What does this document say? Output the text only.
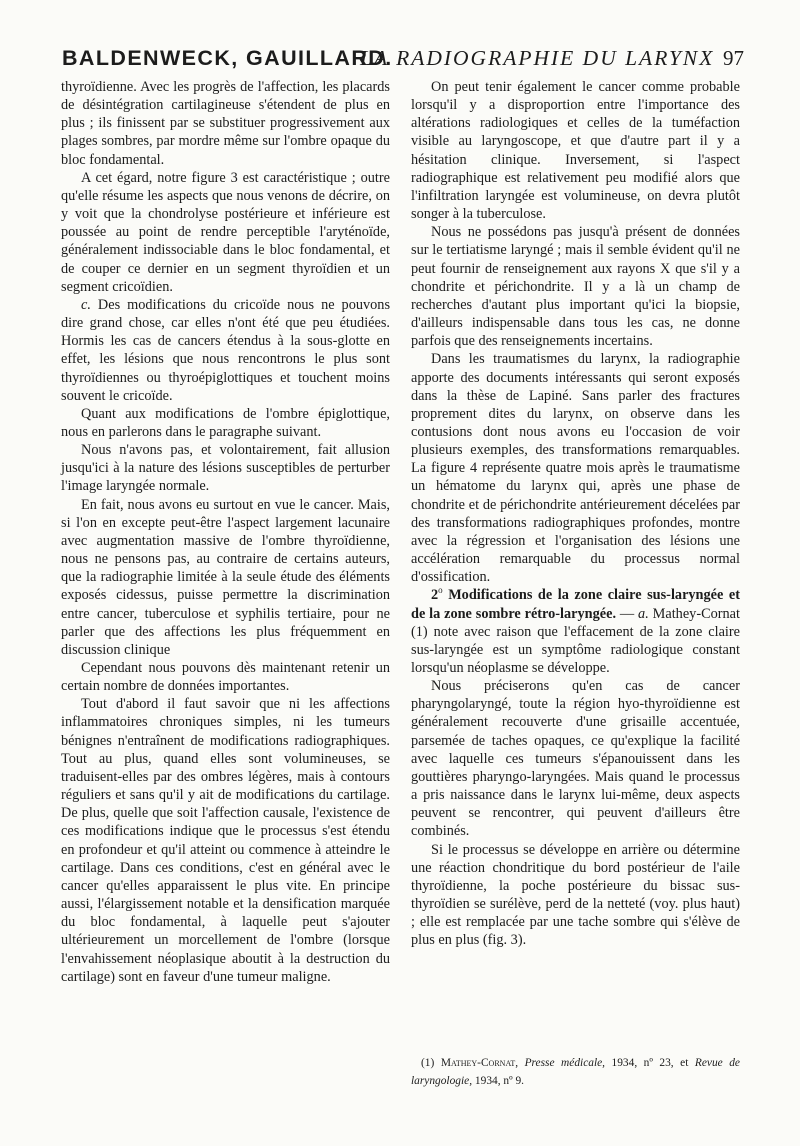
BALDENWECK, GAUILLARD.
LA RADIOGRAPHIE DU LARYNX 97

thyroïdienne. Avec les progrès de l'affection, les placards de désintégration cartilagineuse s'étendent de plus en plus ; ils finissent par se substituer progressivement aux plages sombres, par mordre même sur l'ombre opaque du bloc fondamental.

A cet égard, notre figure 3 est caractéristique ; outre qu'elle résume les aspects que nous venons de décrire, on y voit que la chondrolyse postérieure et inférieure est poussée au point de rendre perceptible l'aryténoïde, généralement indissociable dans le bloc fondamental, et de couper ce dernier en un segment thyroïdien et un segment cricoïdien.

c. Des modifications du cricoïde nous ne pouvons dire grand chose, car elles n'ont été que peu étudiées. Hormis les cas de cancers étendus à la sous-glotte en effet, les lésions que nous rencontrons le plus sont thyroïdiennes ou thyroépiglottiques et touchent moins souvent le cricoïde.

Quant aux modifications de l'ombre épiglottique, nous en parlerons dans le paragraphe suivant.

Nous n'avons pas, et volontairement, fait allusion jusqu'ici à la nature des lésions susceptibles de perturber l'image laryngée normale.

En fait, nous avons eu surtout en vue le cancer. Mais, si l'on en excepte peut-être l'aspect largement lacunaire avec augmentation massive de l'ombre thyroïdienne, nous ne pensons pas, au contraire de certains auteurs, que la radiographie limitée à la seule étude des éléments exposés cidessus, puisse permettre la discrimination entre cancer, tuberculose et syphilis tertiaire, pour ne parler que des affections les plus fréquemment en discussion clinique

Cependant nous pouvons dès maintenant retenir un certain nombre de données importantes.

Tout d'abord il faut savoir que ni les affections inflammatoires chroniques simples, ni les tumeurs bénignes n'entraînent de modifications radiographiques. Tout au plus, quand elles sont volumineuses, se traduisent-elles par des ombres légères, mais à contours réguliers et sans qu'il y ait de modifications du cartilage. De plus, quelle que soit l'affection causale, l'existence de ces modifications indique que le processus s'est étendu en profondeur et qu'il atteint ou commence à atteindre le cartilage. Dans ces conditions, c'est en général avec le cancer qu'elles apparaissent le plus vite. En principe aussi, l'élargissement notable et la densification marquée du bloc fondamental, à laquelle peut s'ajouter ultérieurement un morcellement de l'ombre (lorsque l'envahissement néoplasique aboutit à la destruction du cartilage) sont en faveur d'une tumeur maligne.

On peut tenir également le cancer comme probable lorsqu'il y a disproportion entre l'importance des altérations radiologiques et celles de la tuméfaction visible au laryngoscope, et que d'autre part il y a hésitation clinique. Inversement, si l'aspect radiographique est relativement peu modifié alors que l'infiltration laryngée est volumineuse, on devra plutôt songer à la tuberculose.

Nous ne possédons pas jusqu'à présent de données sur le tertiatisme laryngé ; mais il semble évident qu'il ne peut fournir de renseignement aux rayons X que s'il y a chondrite et périchondrite. Il y a là un champ de recherches d'autant plus important qu'ici la biopsie, d'ailleurs indispensable dans tous les cas, ne donne parfois que des renseignements incertains.

Dans les traumatismes du larynx, la radiographie apporte des documents intéressants qui seront exposés dans la thèse de Lapiné. Sans parler des fractures proprement dites du larynx, on observe dans les contusions dont nous avons eu l'occasion de voir plusieurs exemples, des transformations remarquables. La figure 4 représente quatre mois après le traumatisme un hématome du larynx qui, après une phase de chondrite et de périchondrite antérieurement décelées par des transformations radiographiques profondes, montre avec la régression et l'organisation des lésions une accélération remarquable du processus normal d'ossification.

2$^o$ Modifications de la zone claire sus-laryngée et de la zone sombre rétro-laryngée. — a. Mathey-Cornat (1) note avec raison que l'effacement de la zone claire sus-laryngée est un symptôme radiologique constant lorsqu'un néoplasme se développe.

Nous préciserons qu'en cas de cancer pharyngolaryngé, toute la région hyo-thyroïdienne est généralement recouverte d'une grisaille accentuée, parsemée de taches opaques, ce qu'explique la facilité avec laquelle ces tumeurs s'épanouissent dans les gouttières pharyngo-laryngées. Mais quand le processus a pris naissance dans le larynx lui-même, deux aspects peuvent se rencontrer, qui peuvent d'ailleurs être combinés.

Si le processus se développe en arrière ou détermine une réaction chondritique du bord postérieur de l'aile thyroïdienne, la poche postérieure du bissac sus-thyroïdien se surélève, perd de la netteté (voy. plus haut) ; elle est remplacée par une tache sombre qui s'élève de plus en plus (fig. 3).

(1) Mathey-Cornat, Presse médicale, 1934, nº 23, et Revue de laryngologie, 1934, nº 9.
